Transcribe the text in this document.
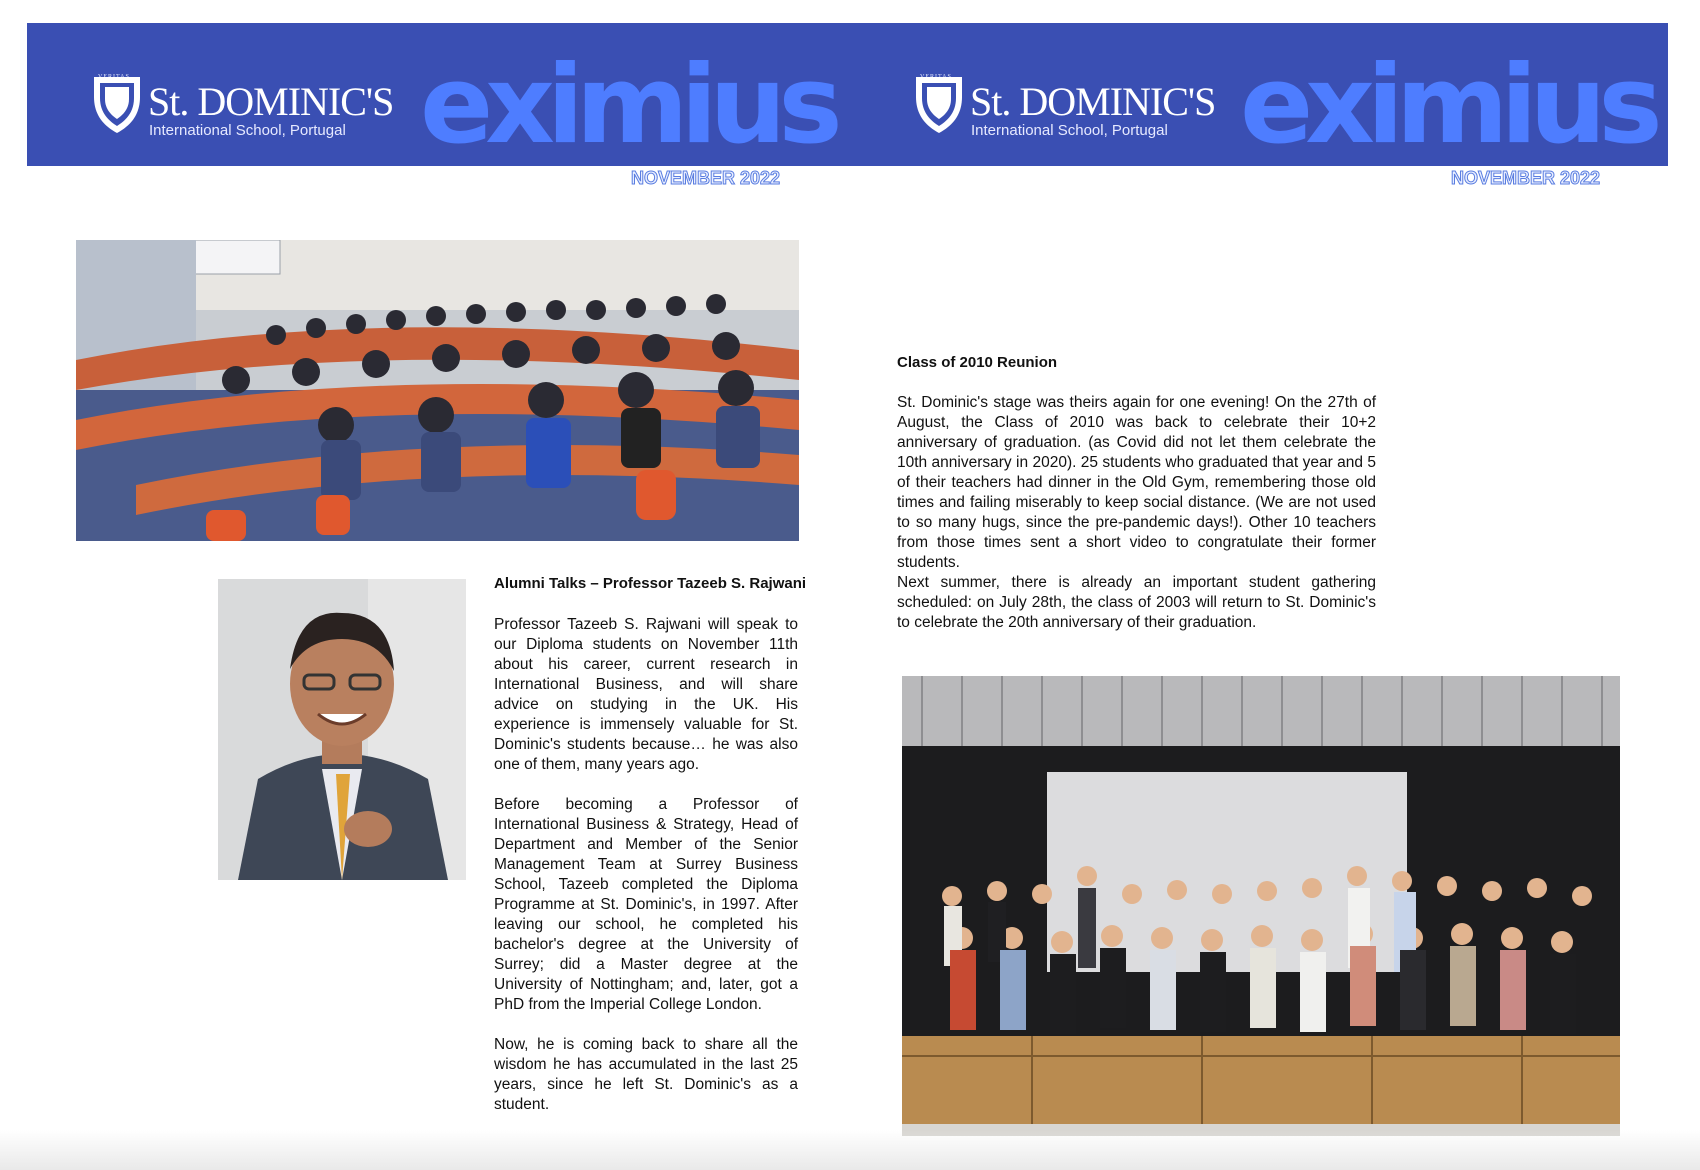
St. DOMINIC'S
International School, Portugal eximius
NOVEMBER 2022
St. DOMINIC'S
International School, Portugal eximius
NOVEMBER 2022
Alumni Talks – Professor Tazeeb S. Rajwani

Professor Tazeeb S. Rajwani will speak to our Diploma students on November 11th about his career, current research in International Business, and will share advice on studying in the UK. His experience is immensely valuable for St. Dominic's students because… he was also one of them, many years ago.

Before becoming a Professor of International Business & Strategy, Head of Department and Member of the Senior Management Team at Surrey Business School, Tazeeb completed the Diploma Programme at St. Dominic's, in 1997. After leaving our school, he completed his bachelor's degree at the University of Surrey; did a Master degree at the University of Nottingham; and, later, got a PhD from the Imperial College London.

Now, he is coming back to share all the wisdom he has accumulated in the last 25 years, since he left St. Dominic's as a student.

Class of 2010 Reunion

St. Dominic's stage was theirs again for one evening! On the 27th of August, the Class of 2010 was back to celebrate their 10+2 anniversary of graduation. (as Covid did not let them celebrate the 10th anniversary in 2020). 25 students who graduated that year and 5 of their teachers had dinner in the Old Gym, remembering those old times and failing miserably to keep social distance. (We are not used to so many hugs, since the pre-pandemic days!). Other 10 teachers from those times sent a short video to congratulate their former students.

Next summer, there is already an important student gathering scheduled: on July 28th, the class of 2003 will return to St. Dominic's to celebrate the 20th anniversary of their graduation.
